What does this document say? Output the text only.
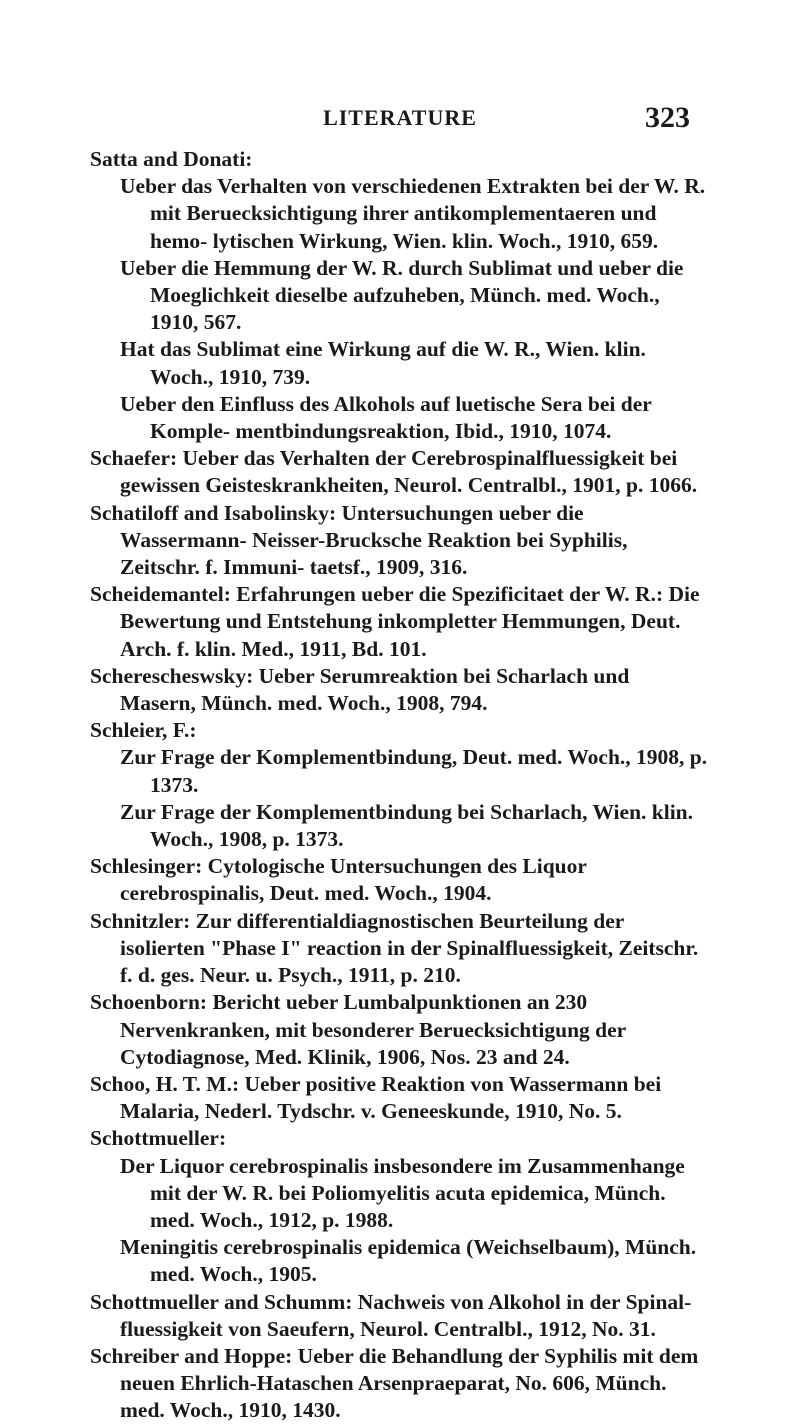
LITERATURE	323
Satta and Donati:
Ueber das Verhalten von verschiedenen Extrakten bei der W. R. mit Beruecksichtigung ihrer antikomplementaeren und hemo- lytischen Wirkung, Wien. klin. Woch., 1910, 659.
Ueber die Hemmung der W. R. durch Sublimat und ueber die Moeglichkeit dieselbe aufzuheben, Münch. med. Woch., 1910, 567.
Hat das Sublimat eine Wirkung auf die W. R., Wien. klin. Woch., 1910, 739.
Ueber den Einfluss des Alkohols auf luetische Sera bei der Komple- mentbindungsreaktion, Ibid., 1910, 1074.
Schaefer: Ueber das Verhalten der Cerebrospinalfluessigkeit bei gewissen Geisteskrankheiten, Neurol. Centralbl., 1901, p. 1066.
Schatiloff and Isabolinsky: Untersuchungen ueber die Wassermann- Neisser-Brucksche Reaktion bei Syphilis, Zeitschr. f. Immuni- taetsf., 1909, 316.
Scheidemantel: Erfahrungen ueber die Spezificitaet der W. R.: Die Bewertung und Entstehung inkompletter Hemmungen, Deut. Arch. f. klin. Med., 1911, Bd. 101.
Scherescheswsky: Ueber Serumreaktion bei Scharlach und Masern, Münch. med. Woch., 1908, 794.
Schleier, F.:
Zur Frage der Komplementbindung, Deut. med. Woch., 1908, p. 1373.
Zur Frage der Komplementbindung bei Scharlach, Wien. klin. Woch., 1908, p. 1373.
Schlesinger: Cytologische Untersuchungen des Liquor cerebrospinalis, Deut. med. Woch., 1904.
Schnitzler: Zur differentialdiagnostischen Beurteilung der isolierten "Phase I" reaction in der Spinalfluessigkeit, Zeitschr. f. d. ges. Neur. u. Psych., 1911, p. 210.
Schoenborn: Bericht ueber Lumbalpunktionen an 230 Nervenkranken, mit besonderer Beruecksichtigung der Cytodiagnose, Med. Klinik, 1906, Nos. 23 and 24.
Schoo, H. T. M.: Ueber positive Reaktion von Wassermann bei Malaria, Nederl. Tydschr. v. Geneeskunde, 1910, No. 5.
Schottmueller:
Der Liquor cerebrospinalis insbesondere im Zusammenhange mit der W. R. bei Poliomyelitis acuta epidemica, Münch. med. Woch., 1912, p. 1988.
Meningitis cerebrospinalis epidemica (Weichselbaum), Münch. med. Woch., 1905.
Schottmueller and Schumm: Nachweis von Alkohol in der Spinal- fluessigkeit von Saeufern, Neurol. Centralbl., 1912, No. 31.
Schreiber and Hoppe: Ueber die Behandlung der Syphilis mit dem neuen Ehrlich-Hataschen Arsenpraeparat, No. 606, Münch. med. Woch., 1910, 1430.
